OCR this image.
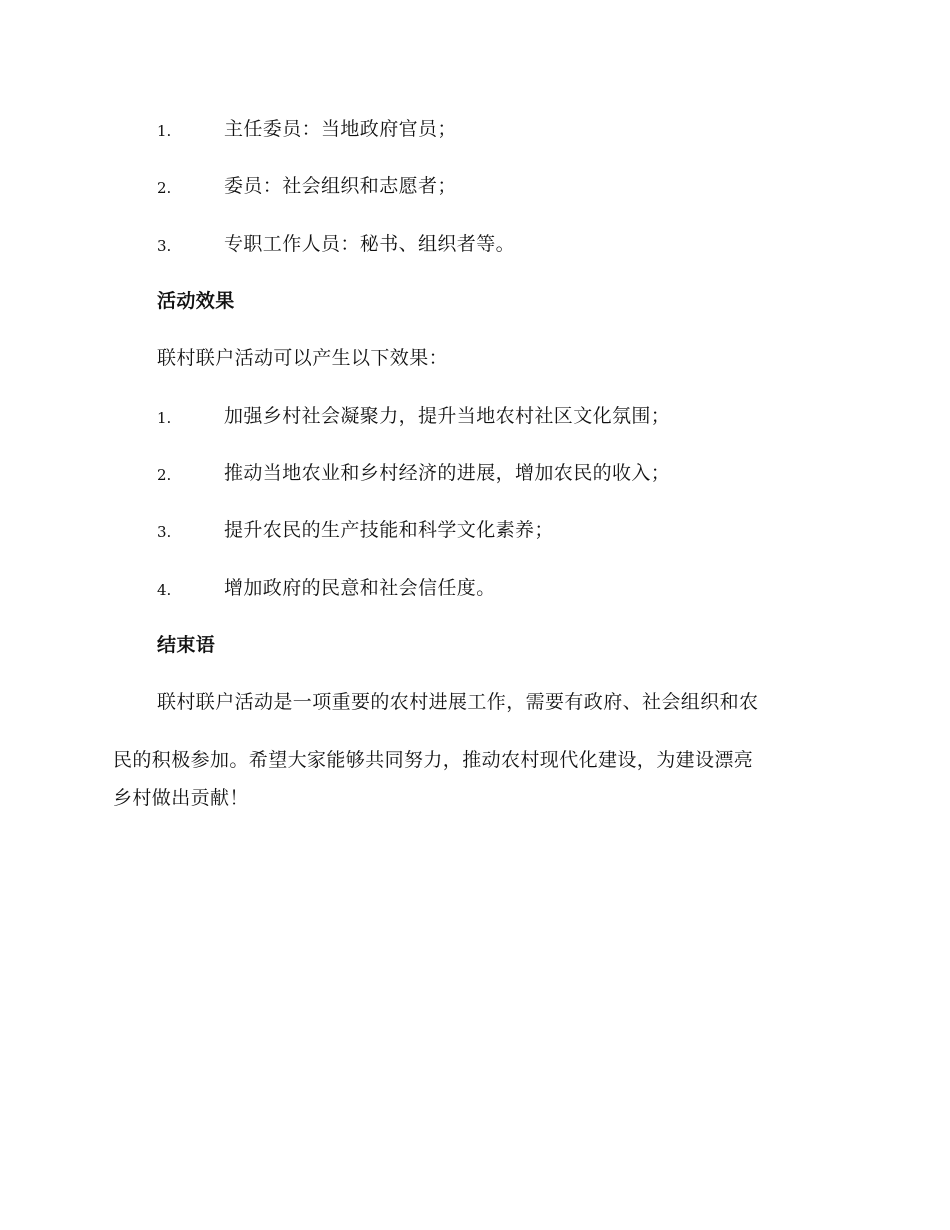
1.	主任委员：当地政府官员；
2.	委员：社会组织和志愿者；
3.	专职工作人员：秘书、组织者等。
活动效果
联村联户活动可以产生以下效果：
1.	加强乡村社会凝聚力，提升当地农村社区文化氛围；
2.	推动当地农业和乡村经济的进展，增加农民的收入；
3.	提升农民的生产技能和科学文化素养；
4.	增加政府的民意和社会信任度。
结束语
联村联户活动是一项重要的农村进展工作，需要有政府、社会组织和农
民的积极参加。希望大家能够共同努力，推动农村现代化建设，为建设漂亮
乡村做出贡献！
